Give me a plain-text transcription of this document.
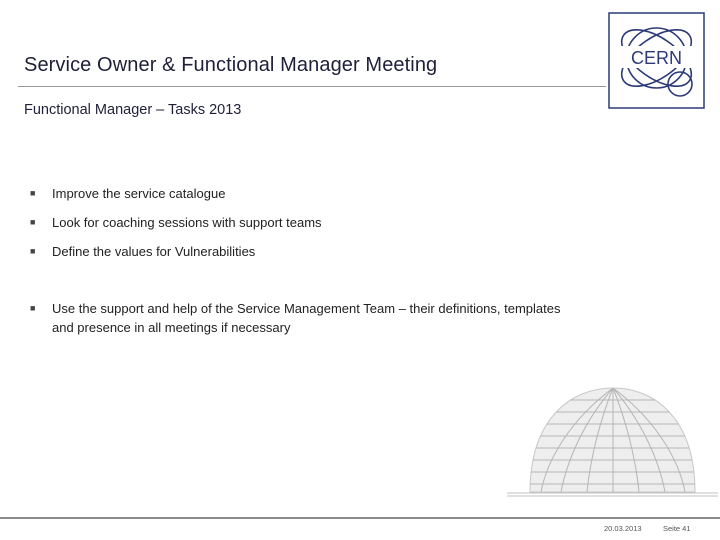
Service Owner & Functional Manager Meeting
Functional Manager – Tasks 2013
CERN
■ Improve the service catalogue
■ Look for coaching sessions with support teams
■ Define the values for Vulnerabilities
■ Use the support and help of the Service Management Team – their definitions, templates and presence in all meetings if necessary
20.03.2013	Seite 41
